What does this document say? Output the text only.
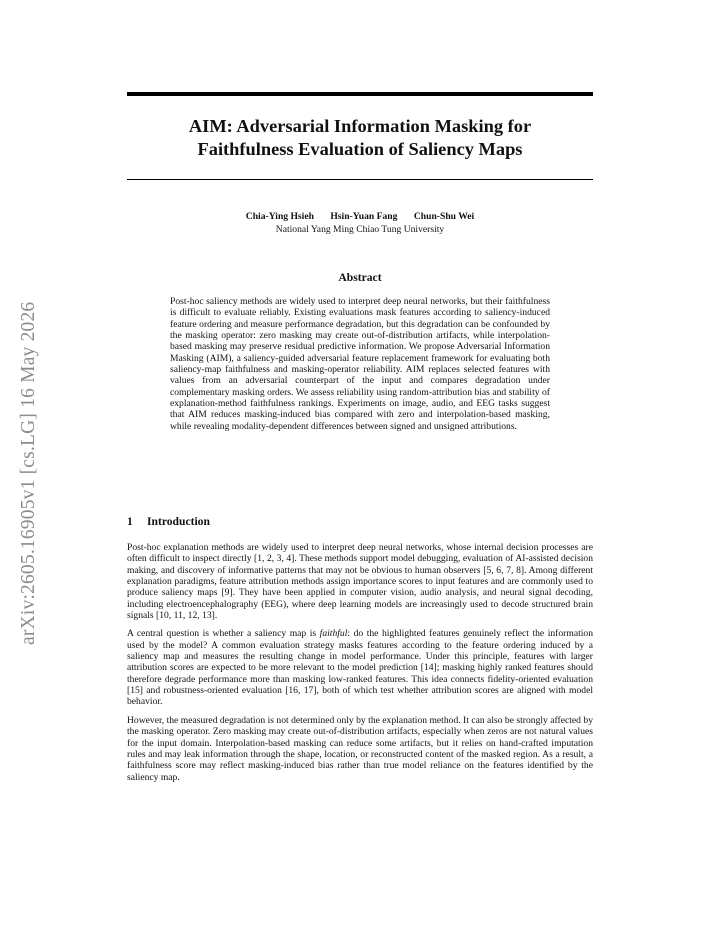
arXiv:2605.16905v1 [cs.LG] 16 May 2026
AIM: Adversarial Information Masking for
Faithfulness Evaluation of Saliency Maps
Chia-Ying Hsieh Hsin-Yuan Fang Chun-Shu Wei
National Yang Ming Chiao Tung University
Abstract
Post-hoc saliency methods are widely used to interpret deep neural networks, but their faithfulness is difficult to evaluate reliably. Existing evaluations mask features according to saliency-induced feature ordering and measure performance degradation, but this degradation can be confounded by the masking operator: zero masking may create out-of-distribution artifacts, while interpolation-based masking may preserve residual predictive information. We propose Adversarial Information Masking (AIM), a saliency-guided adversarial feature replacement framework for evaluating both saliency-map faithfulness and masking-operator reliability. AIM replaces selected features with values from an adversarial counterpart of the input and compares degradation under complementary masking orders. We assess reliability using random-attribution bias and stability of explanation-method faithfulness rankings. Experiments on image, audio, and EEG tasks suggest that AIM reduces masking-induced bias compared with zero and interpolation-based masking, while revealing modality-dependent differences between signed and unsigned attributions.
1 Introduction

Post-hoc explanation methods are widely used to interpret deep neural networks, whose internal decision processes are often difficult to inspect directly [1, 2, 3, 4]. These methods support model debugging, evaluation of AI-assisted decision making, and discovery of informative patterns that may not be obvious to human observers [5, 6, 7, 8]. Among different explanation paradigms, feature attribution methods assign importance scores to input features and are commonly used to produce saliency maps [9]. They have been applied in computer vision, audio analysis, and neural signal decoding, including electroencephalography (EEG), where deep learning models are increasingly used to decode structured brain signals [10, 11, 12, 13].

A central question is whether a saliency map is faithful: do the highlighted features genuinely reflect the information used by the model? A common evaluation strategy masks features according to the feature ordering induced by a saliency map and measures the resulting change in model performance. Under this principle, features with larger attribution scores are expected to be more relevant to the model prediction [14]; masking highly ranked features should therefore degrade performance more than masking low-ranked features. This idea connects fidelity-oriented evaluation [15] and robustness-oriented evaluation [16, 17], both of which test whether attribution scores are aligned with model behavior.

However, the measured degradation is not determined only by the explanation method. It can also be strongly affected by the masking operator. Zero masking may create out-of-distribution artifacts, especially when zeros are not natural values for the input domain. Interpolation-based masking can reduce some artifacts, but it relies on hand-crafted imputation rules and may leak information through the shape, location, or reconstructed content of the masked region. As a result, a faithfulness score may reflect masking-induced bias rather than true model reliance on the features identified by the saliency map.
